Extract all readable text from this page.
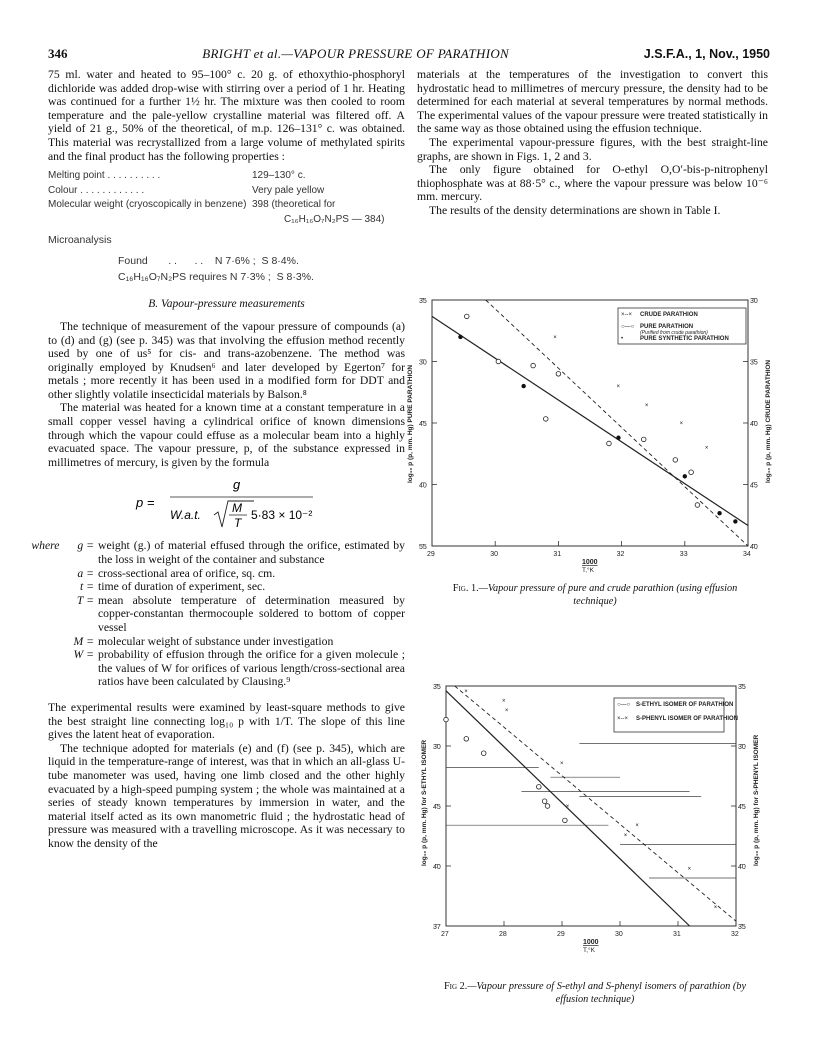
346	BRIGHT et al.—VAPOUR PRESSURE OF PARATHION	J.S.F.A., 1, Nov., 1950

75 ml. water and heated to 95–100° c. 20 g. of ethoxythio-phosphoryl dichloride was added drop-wise with stirring over a period of 1 hr. Heating was continued for a further 1½ hr. The mixture was then cooled to room temperature and the pale-yellow crystalline material was filtered off. A yield of 21 g., 50% of the theoretical, of m.p. 126–131° c. was obtained. This material was recrystallized from a large volume of methylated spirits and the final product has the following properties :

Melting point . . . . . . . . . .	129–130° c.
Colour . . . . . . . . . . . .	Very pale yellow
Molecular weight (cryoscopically in benzene)	398 (theoretical for
	C₁₆H₁₆O₇N₂PS — 384)
Microanalysis
Found       . .      . .    N 7·6% ;  S 8·4%.
C₁₆H₁₆O₇N₂PS requires N 7·3% ;  S 8·3%.
B. Vapour-pressure measurements

The technique of measurement of the vapour pressure of compounds (a) to (d) and (g) (see p. 345) was that involving the effusion method recently used by one of us⁵ for cis- and trans-azobenzene. The method was originally employed by Knudsen⁶ and later developed by Egerton⁷ for metals ; more recently it has been used in a modified form for DDT and other slightly volatile insecticidal materials by Balson.⁸

The material was heated for a known time at a constant temperature in a small copper vessel having a cylindrical orifice of known dimensions through which the vapour could effuse as a molecular beam into a highly evacuated space. The vapour pressure, p, of the substance expressed in millimetres of mercury, is given by the formula

p =
g
W.a.t.	M
T
5·83 × 10⁻²
where g = weight (g.) of material effused through the orifice, estimated by the loss in weight of the container and substance
a = cross-sectional area of orifice, sq. cm.
t = time of duration of experiment, sec.
T = mean absolute temperature of determination measured by copper-constantan thermocouple soldered to bottom of copper vessel
M = molecular weight of substance under investigation
W = probability of effusion through the orifice for a given molecule ; the values of W for orifices of various length/cross-sectional area ratios have been calculated by Clausing.⁹

The experimental results were examined by least-square methods to give the best straight line connecting log₁₀ p with 1/T. The slope of this line gives the latent heat of evaporation.

The technique adopted for materials (e) and (f) (see p. 345), which are liquid in the temperature-range of interest, was that in which an all-glass U-tube manometer was used, having one limb closed and the other highly evacuated by a high-speed pumping system ; the whole was maintained at a series of steady known temperatures by immersion in water, and the material itself acted as its own manometric fluid ; the hydrostatic head of pressure was measured with a travelling microscope. As it was necessary to know the density of the

materials at the temperatures of the investigation to convert this hydrostatic head to millimetres of mercury pressure, the density had to be determined for each material at several temperatures by normal methods. The experimental values of the vapour pressure were treated statistically in the same way as those obtained using the effusion technique.

The experimental vapour-pressure figures, with the best straight-line graphs, are shown in Figs. 1, 2 and 3.

The only figure obtained for O-ethyl O,O′-bis-p-nitrophenyl thiophosphate was at 88·5° c., where the vapour pressure was below 10⁻⁶ mm. mercury.

The results of the density determinations are shown in Table I.

29	30	31	32	33	34
3̄5
3̄0
4̄5
4̄0
5̄5
3̄0
3̄5
4̄0
4̄5
4̄0
1000
T,°K
log₁₀ p (p, mm. Hg) PURE PARATHION	log₁₀ p (p, mm. Hg) CRUDE PARATHION
×
×
×
×
×
×--× CRUDE PARATHION
○—○ PURE PARATHION
(Purified from crude parathion)
•	PURE SYNTHETIC PARATHION
Fig. 1.—Vapour pressure of pure and crude parathion (using effusion technique)
27	28	29	30	31	32
3̄5
3̄0
4̄5
4̄0
3̄7
3̄5
3̄0
4̄5
4̄0
3̄5
1000
T,°K
log₁₀ p (p, mm. Hg) for S-ETHYL ISOMER	log₁₀ p (p, mm. Hg) for S-PHENYL ISOMER
×
×
×
×
×
×
×
×
×
○—○ S-ETHYL ISOMER OF PARATHION
×--× S-PHENYL ISOMER OF PARATHION
Fig 2.—Vapour pressure of S-ethyl and S-phenyl isomers of parathion (by effusion technique)
